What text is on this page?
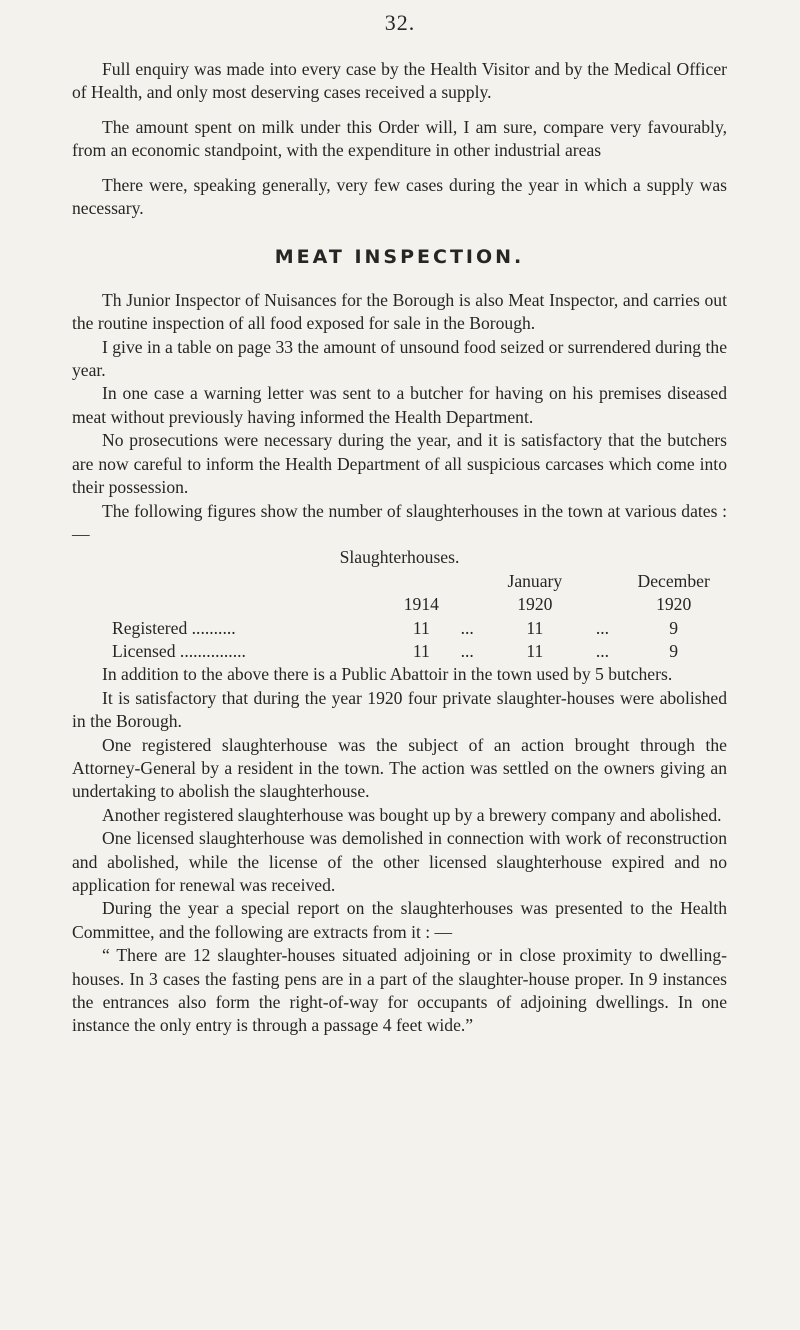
32.

Full enquiry was made into every case by the Health Visitor and by the Medical Officer of Health, and only most deserving cases received a supply.

The amount spent on milk under this Order will, I am sure, compare very favourably, from an economic standpoint, with the expenditure in other industrial areas

There were, speaking generally, very few cases during the year in which a supply was necessary.

MEAT INSPECTION.

Th Junior Inspector of Nuisances for the Borough is also Meat Inspector, and carries out the routine inspection of all food exposed for sale in the Borough.

I give in a table on page 33 the amount of unsound food seized or surrendered during the year.

In one case a warning letter was sent to a butcher for having on his premises diseased meat without previously having informed the Health Department.

No prosecutions were necessary during the year, and it is satisfactory that the butchers are now careful to inform the Health Department of all suspicious carcases which come into their possession.

The following figures show the number of slaughterhouses in the town at various dates : —

Slaughterhouses.

			January		December
	1914		1920		1920
Registered ..........	11	...	11	...	9
Licensed ...............	11	...	11	...	9

In addition to the above there is a Public Abattoir in the town used by 5 butchers.

It is satisfactory that during the year 1920 four private slaughter-houses were abolished in the Borough.

One registered slaughterhouse was the subject of an action brought through the Attorney-General by a resident in the town. The action was settled on the owners giving an undertaking to abolish the slaughterhouse.

Another registered slaughterhouse was bought up by a brewery company and abolished.

One licensed slaughterhouse was demolished in connection with work of reconstruction and abolished, while the license of the other licensed slaughterhouse expired and no application for renewal was received.

During the year a special report on the slaughterhouses was presented to the Health Committee, and the following are extracts from it : —

“ There are 12 slaughter-houses situated adjoining or in close proximity to dwelling-houses. In 3 cases the fasting pens are in a part of the slaughter-house proper. In 9 instances the entrances also form the right-of-way for occupants of adjoining dwellings. In one instance the only entry is through a passage 4 feet wide.”
